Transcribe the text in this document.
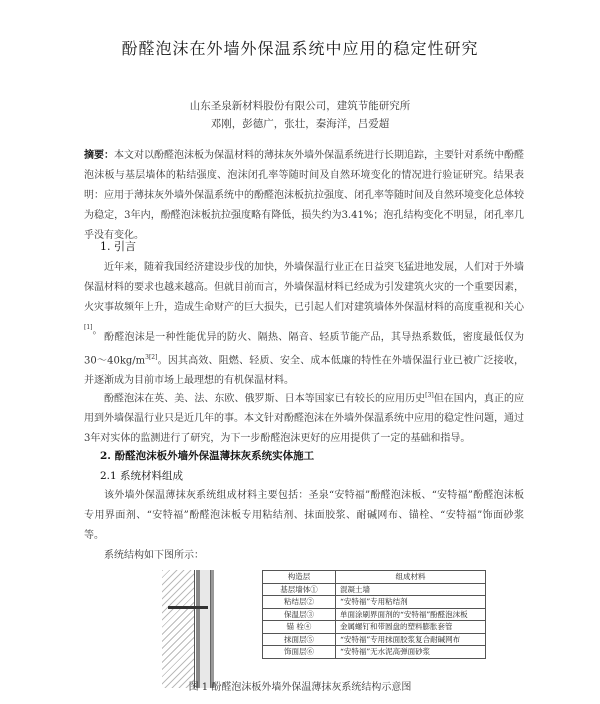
酚醛泡沫在外墙外保温系统中应用的稳定性研究
山东圣泉新材料股份有限公司，建筑节能研究所
邓刚，彭德广，张壮，秦海洋，吕爱超

摘要：本文对以酚醛泡沫板为保温材料的薄抹灰外墙外保温系统进行长期追踪，主要针对系统中酚醛泡沫板与基层墙体的粘结强度、泡沫闭孔率等随时间及自然环境变化的情况进行验证研究。结果表明：应用于薄抹灰外墙外保温系统中的酚醛泡沫板抗拉强度、闭孔率等随时间及自然环境变化总体较为稳定，3年内，酚醛泡沫板抗拉强度略有降低，损失约为3.41%；泡孔结构变化不明显，闭孔率几乎没有变化。

1. 引言

近年来，随着我国经济建设步伐的加快，外墙保温行业正在日益突飞猛进地发展，人们对于外墙保温材料的要求也越来越高。但就目前而言，外墙保温材料已经成为引发建筑火灾的一个重要因素，火灾事故频年上升，造成生命财产的巨大损失，已引起人们对建筑墙体外保温材料的高度重视和关心[1]。

酚醛泡沫是一种性能优异的防火、隔热、隔音、轻质节能产品，其导热系数低，密度最低仅为$30\sim 40kg/m^{3[2]}$。因其高效、阻燃、轻质、安全、成本低廉的特性在外墙保温行业已被广泛接收，并逐渐成为目前市场上最理想的有机保温材料。

酚醛泡沫在英、美、法、东欧、俄罗斯、日本等国家已有较长的应用历史[3]但在国内，真正的应用到外墙保温行业只是近几年的事。本文针对酚醛泡沫在外墙外保温系统中应用的稳定性问题，通过3年对实体的监测进行了研究，为下一步酚醛泡沫更好的应用提供了一定的基础和指导。

2. 酚醛泡沫板外墙外保温薄抹灰系统实体施工

2.1 系统材料组成

该外墙外保温薄抹灰系统组成材料主要包括：圣泉“安特福”酚醛泡沫板、“安特福”酚醛泡沫板专用界面剂、“安特福”酚醛泡沫板专用粘结剂、抹面胶浆、耐碱网布、锚栓、“安特福”饰面砂浆等。

系统结构如下图所示：

构造层	组成材料
基层墙体①	混凝土墙
粘结层②	“安特福”专用粘结剂
保温层③	单面涂刷界面剂的“安特福”酚醛泡沫板
锚 栓④	金属螺钉和带圆盘的塑料膨胀套管
抹面层⑤	“安特福”专用抹面胶浆复合耐碱网布
饰面层⑥	“安特福”无水泥高弹面砂浆

图 1 酚醛泡沫板外墙外保温薄抹灰系统结构示意图
